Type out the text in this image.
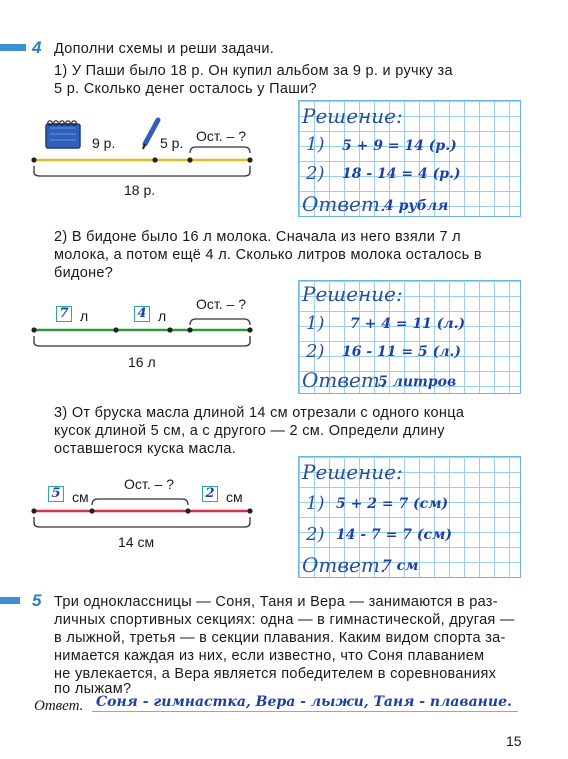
4 Дополни схемы и реши задачи.
1) У Паши было 18 р. Он купил альбом за 9 р. и ручку за
5 р. Сколько денег осталось у Паши?
9 р.	5 р. Ост. – ?
18 р.
Решение:
1) 5 + 9 = 14 (р.)
2) 18 - 14 = 4 (р.)
Ответ.
4 рубля
2) В бидоне было 16 л молока. Сначала из него взяли 7 л
молока, а потом ещё 4 л. Сколько литров молока осталось в
бидоне?
7 л	4 л
Ост. – ?
16 л
Решение:
1) 7 + 4 = 11 (л.)
2) 16 - 11 = 5 (л.)
Ответ.
5 литров
3) От бруска масла длиной 14 см отрезали с одного конца
кусок длиной 5 см, а с другого — 2 см. Определи длину
оставшегося куска масла.
5 см
Ост. – ?
2 см
14 см
Решение:
1) 5 + 2 = 7 (см)
2) 14 - 7 = 7 (см)
Ответ.
7 см
5 Три одноклассницы — Соня, Таня и Вера — занимаются в раз-
личных спортивных секциях: одна — в гимнастической, другая —
в лыжной, третья — в секции плавания. Каким видом спорта за-
нимается каждая из них, если известно, что Соня плаванием
не увлекается, а Вера является победителем в соревнованиях
по лыжам?
Ответ. Соня - гимнастка, Вера - лыжи, Таня - плавание.
15
